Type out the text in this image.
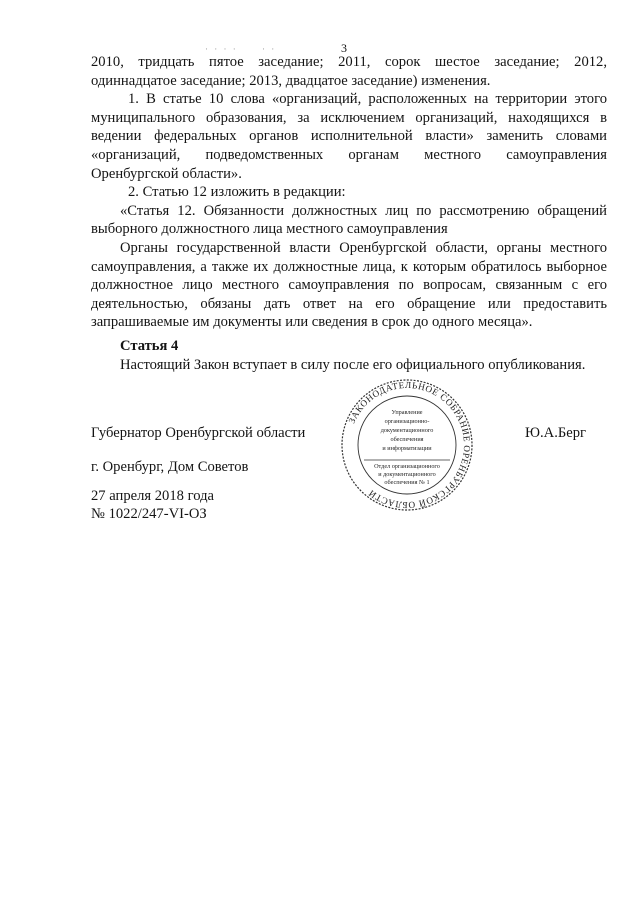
· · · ·	· ·	3

2010, тридцать пятое заседание; 2011, сорок шестое заседание; 2012, одиннадцатое заседание; 2013, двадцатое заседание) изменения.

1. В статье 10 слова «организаций, расположенных на территории этого муниципального образования, за исключением организаций, находящихся в ведении федеральных органов исполнительной власти» заменить словами «организаций, подведомственных органам местного самоуправления Оренбургской области».

2. Статью 12 изложить в редакции:

«Статья 12. Обязанности должностных лиц по рассмотрению обращений выборного должностного лица местного самоуправления

Органы государственной власти Оренбургской области, органы местного самоуправления, а также их должностные лица, к которым обратилось выборное должностное лицо местного самоуправления по вопросам, связанным с его деятельностью, обязаны дать ответ на его обращение или предоставить запрашиваемые им документы или сведения в срок до одного месяца».

Статья 4

Настоящий Закон вступает в силу после его официального опубликования.

Губернатор Оренбургской области	Ю.А.Берг
г. Оренбург, Дом Советов
27 апреля 2018 года
№ 1022/247-VI-ОЗ
ЗАКОНОДАТЕЛЬНОЕ СОБРАНИЕ ОРЕНБУРГСКОЙ ОБЛАСТИ
Управление
организационно-
документационного
обеспечения
и информатизации
Отдел организационного
и документационного
обеспечения № 1
